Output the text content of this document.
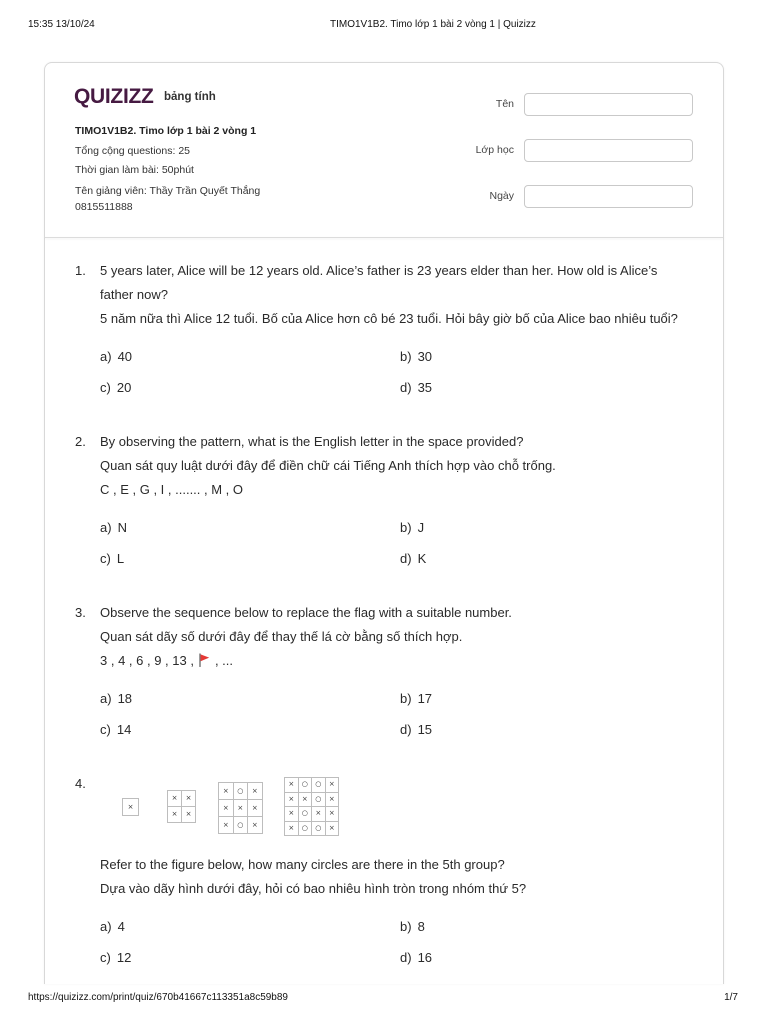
15:35 13/10/24	TIMO1V1B2. Timo lớp 1 bài 2 vòng 1 | Quizizz
QUIZIZZ bảng tính
TIMO1V1B2. Timo lớp 1 bài 2 vòng 1
Tổng cộng questions: 25
Thời gian làm bài: 50phút
Tên giảng viên: Thầy Trần Quyết Thắng 0815511888
Tên
Lớp học
Ngày
1. 5 years later, Alice will be 12 years old. Alice’s father is 23 years elder than her. How old is Alice’s father now?
5 năm nữa thì Alice 12 tuổi. Bố của Alice hơn cô bé 23 tuổi. Hỏi bây giờ bố của Alice bao nhiêu tuổi?
a) 40	b) 30
c) 20	d) 35
2. By observing the pattern, what is the English letter in the space provided?
Quan sát quy luật dưới đây để điền chữ cái Tiếng Anh thích hợp vào chỗ trống.
C , E , G , I , ....... , M , O
a) N	b) J
c) L	d) K
3. Observe the sequence below to replace the flag with a suitable number.
Quan sát dãy số dưới đây để thay thế lá cờ bằng số thích hợp.
3 , 4 , 6 , 9 , 13 , , ...
a) 18	b) 17
c) 14	d) 15
4.
×
×	×
×	×
×	○	×
×	×	×
×	○	×
×	○	○	×
×	×	○	×
×	○	×	×
×	○	○	×
Refer to the figure below, how many circles are there in the 5th group?
Dựa vào dãy hình dưới đây, hỏi có bao nhiêu hình tròn trong nhóm thứ 5?
a) 4	b) 8
c) 12	d) 16
https://quizizz.com/print/quiz/670b41667c113351a8c59b89	1/7
